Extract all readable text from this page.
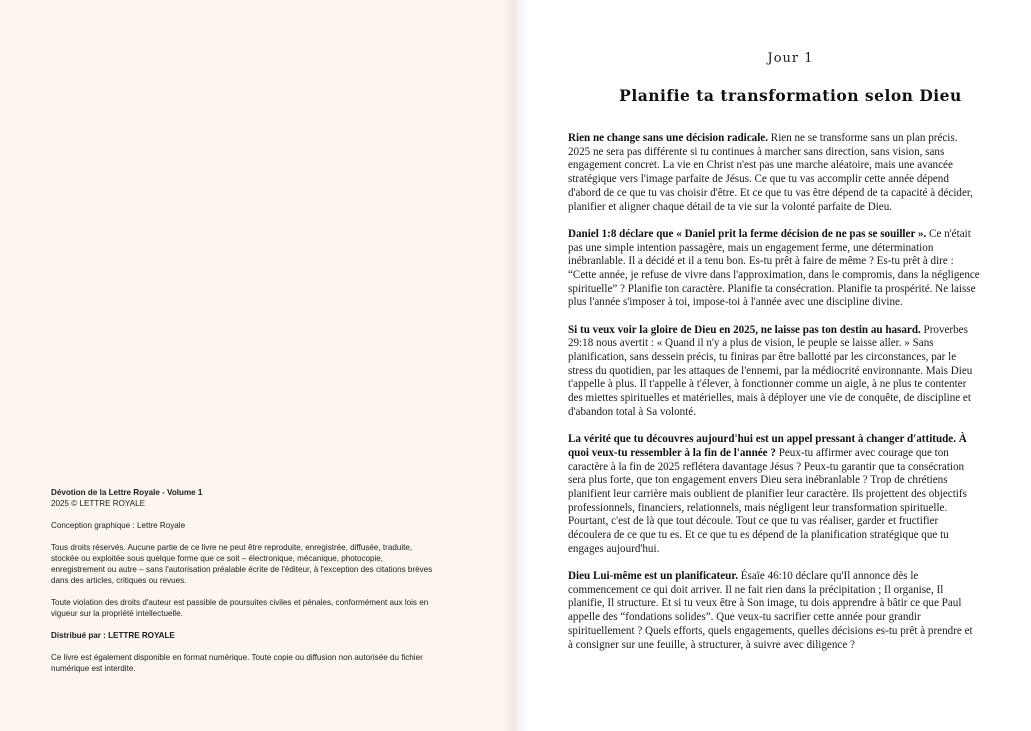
Dévotion de la Lettre Royale - Volume 1
2025 © LETTRE ROYALE

Conception graphique : Lettre Royale

Tous droits réservés. Aucune partie de ce livre ne peut être reproduite, enregistrée, diffusée, traduite,
stockée ou exploitée sous quelque forme que ce soit – électronique, mécanique, photocopie,
enregistrement ou autre – sans l'autorisation préalable écrite de l'éditeur, à l'exception des citations brèves
dans des articles, critiques ou revues.

Toute violation des droits d'auteur est passible de poursuites civiles et pénales, conformément aux lois en
vigueur sur la propriété intellectuelle.

Distribué par : LETTRE ROYALE

Ce livre est également disponible en format numérique. Toute copie ou diffusion non autorisée du fichier
numérique est interdite.

Jour 1
Planifie ta transformation selon Dieu

Rien ne change sans une décision radicale. Rien ne se transforme sans un plan précis. 2025 ne sera pas différente si tu continues à marcher sans direction, sans vision, sans engagement concret. La vie en Christ n'est pas une marche aléatoire, mais une avancée stratégique vers l'image parfaite de Jésus. Ce que tu vas accomplir cette année dépend d'abord de ce que tu vas choisir d'être. Et ce que tu vas être dépend de ta capacité à décider, planifier et aligner chaque détail de ta vie sur la volonté parfaite de Dieu.

Daniel 1:8 déclare que « Daniel prit la ferme décision de ne pas se souiller ». Ce n'était pas une simple intention passagère, mais un engagement ferme, une détermination inébranlable. Il a décidé et il a tenu bon. Es-tu prêt à faire de même ? Es-tu prêt à dire : “Cette année, je refuse de vivre dans l'approximation, dans le compromis, dans la négligence spirituelle” ? Planifie ton caractère. Planifie ta consécration. Planifie ta prospérité. Ne laisse plus l'année s'imposer à toi, impose-toi à l'année avec une discipline divine.

Si tu veux voir la gloire de Dieu en 2025, ne laisse pas ton destin au hasard. Proverbes 29:18 nous avertit : « Quand il n'y a plus de vision, le peuple se laisse aller. » Sans planification, sans dessein précis, tu finiras par être ballotté par les circonstances, par le stress du quotidien, par les attaques de l'ennemi, par la médiocrité environnante. Mais Dieu t'appelle à plus. Il t'appelle à t'élever, à fonctionner comme un aigle, à ne plus te contenter des miettes spirituelles et matérielles, mais à déployer une vie de conquête, de discipline et d'abandon total à Sa volonté.

La vérité que tu découvres aujourd'hui est un appel pressant à changer d'attitude. À quoi veux-tu ressembler à la fin de l'année ? Peux-tu affirmer avec courage que ton caractère à la fin de 2025 reflétera davantage Jésus ? Peux-tu garantir que ta consécration sera plus forte, que ton engagement envers Dieu sera inébranlable ? Trop de chrétiens planifient leur carrière mais oublient de planifier leur caractère. Ils projettent des objectifs professionnels, financiers, relationnels, mais négligent leur transformation spirituelle. Pourtant, c'est de là que tout découle. Tout ce que tu vas réaliser, garder et fructifier découlera de ce que tu es. Et ce que tu es dépend de la planification stratégique que tu engages aujourd'hui.

Dieu Lui-même est un planificateur. Ésaïe 46:10 déclare qu'Il annonce dès le commencement ce qui doit arriver. Il ne fait rien dans la précipitation ; Il organise, Il planifie, Il structure. Et si tu veux être à Son image, tu dois apprendre à bâtir ce que Paul appelle des “fondations solides”. Que veux-tu sacrifier cette année pour grandir spirituellement ? Quels efforts, quels engagements, quelles décisions es-tu prêt à prendre et à consigner sur une feuille, à structurer, à suivre avec diligence ?
